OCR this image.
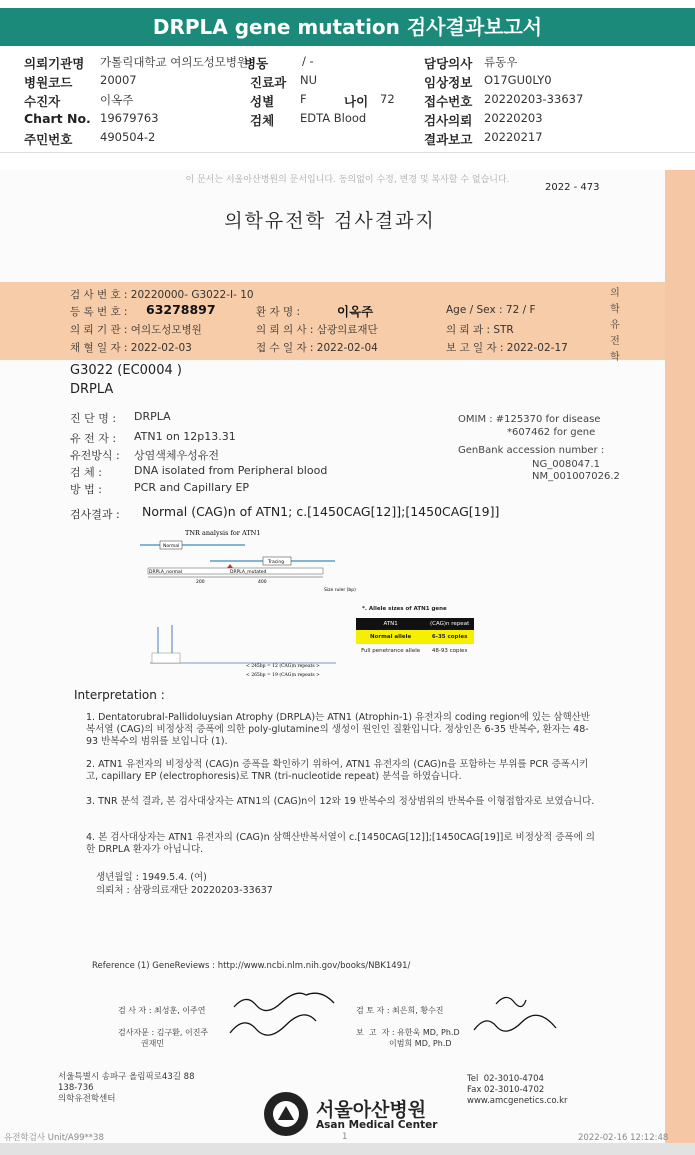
DRPLA gene mutation 검사결과보고서
의뢰기관명 가톨릭대학교 여의도성모병원
병동	/ -	담당의사 류동우
병원코드 20007	진료과 NU	임상정보 O17GU0LY0
수진자	이옥주	성별 F	나이 72 접수번호 20220203-33637
Chart No. 19679763	검체 EDTA Blood	검사의뢰 20220203
주민번호 490504-2	결과보고 20220217
이 문서는 서울아산병원의 문서입니다. 동의없이 수정, 변경 및 복사할 수 없습니다.
2022 - 473
의학유전학 검사결과지
검 사 번 호 : 20220000- G3022-I- 10
등 록 번 호 : 63278897	환 자 명 :	이옥주	Age / Sex : 72 / F
의 뢰 기 관 : 여의도성모병원	의 뢰 의 사 : 삼광의료재단	의 뢰 과 : STR
채 혈 일 자 : 2022-02-03	접 수 일 자 : 2022-02-04	보 고 일 자 : 2022-02-17
의
학
유
전
학
G3022 (EC0004 )
DRPLA
진 단 명 : DRPLA
유 전 자 : ATN1 on 12p13.31
유전방식 : 상염색체우성유전
검 체 :	DNA isolated from Peripheral blood
방 법 :	PCR and Capillary EP
OMIM : #125370 for disease
*607462 for gene
GenBank accession number :
NG_008047.1
NM_001007026.2
검사결과 : Normal (CAG)n of ATN1; c.[1450CAG[12]];[1450CAG[19]]
TNR analysis for ATN1
Normal
Tracing
DRPLA_normal	DRPLA_mutated
200	400
Size ruler (bp)
< 245bp = 12 (CAG)n repeats >
< 265bp = 19 (CAG)n repeats >
*. Allele sizes of ATN1 gene
ATN1	(CAG)n repeat
Normal allele	6-35 copies
Full penetrance allele	48-93 copies
Interpretation :
1. Dentatorubral-Pallidoluysian Atrophy (DRPLA)는 ATN1 (Atrophin-1) 유전자의 coding region에 있는 삼핵산반복서열 (CAG)의 비정상적 증폭에 의한 poly-glutamine의 생성이 원인인 질환입니다. 정상인은 6-35 반복수, 환자는 48-93 반복수의 범위를 보입니다 (1).
2. ATN1 유전자의 비정상적 (CAG)n 증폭을 확인하기 위하여, ATN1 유전자의 (CAG)n을 포함하는 부위를 PCR 증폭시키고, capillary EP (electrophoresis)로 TNR (tri-nucleotide repeat) 분석을 하였습니다.
3. TNR 분석 결과, 본 검사대상자는 ATN1의 (CAG)n이 12와 19 반복수의 정상범위의 반복수를 이형접합자로 보였습니다.
4. 본 검사대상자는 ATN1 유전자의 (CAG)n 삼핵산반복서열이 c.[1450CAG[12]];[1450CAG[19]]로 비정상적 증폭에 의한 DRPLA 환자가 아닙니다.
생년월일 : 1949.5.4. (여)
의뢰처 : 삼광의료재단 20220203-33637
Reference (1) GeneReviews : http://www.ncbi.nlm.nih.gov/books/NBK1491/
검 사 자 : 최성훈, 이주연	검 토 자 : 최은희, 황수진
검사자문 : 김구환, 이진주
권재민
보  고  자 : 유한욱 MD, Ph.D
이범희 MD, Ph.D
서울특별시 송파구 올림픽로43길 88
138-736
의학유전학센터
Tel  02-3010-4704
Fax 02-3010-4702
www.amcgenetics.co.kr
서울아산병원
Asan Medical Center
유전학검사 Unit/A99**38	1	2022-02-16 12:12:48
